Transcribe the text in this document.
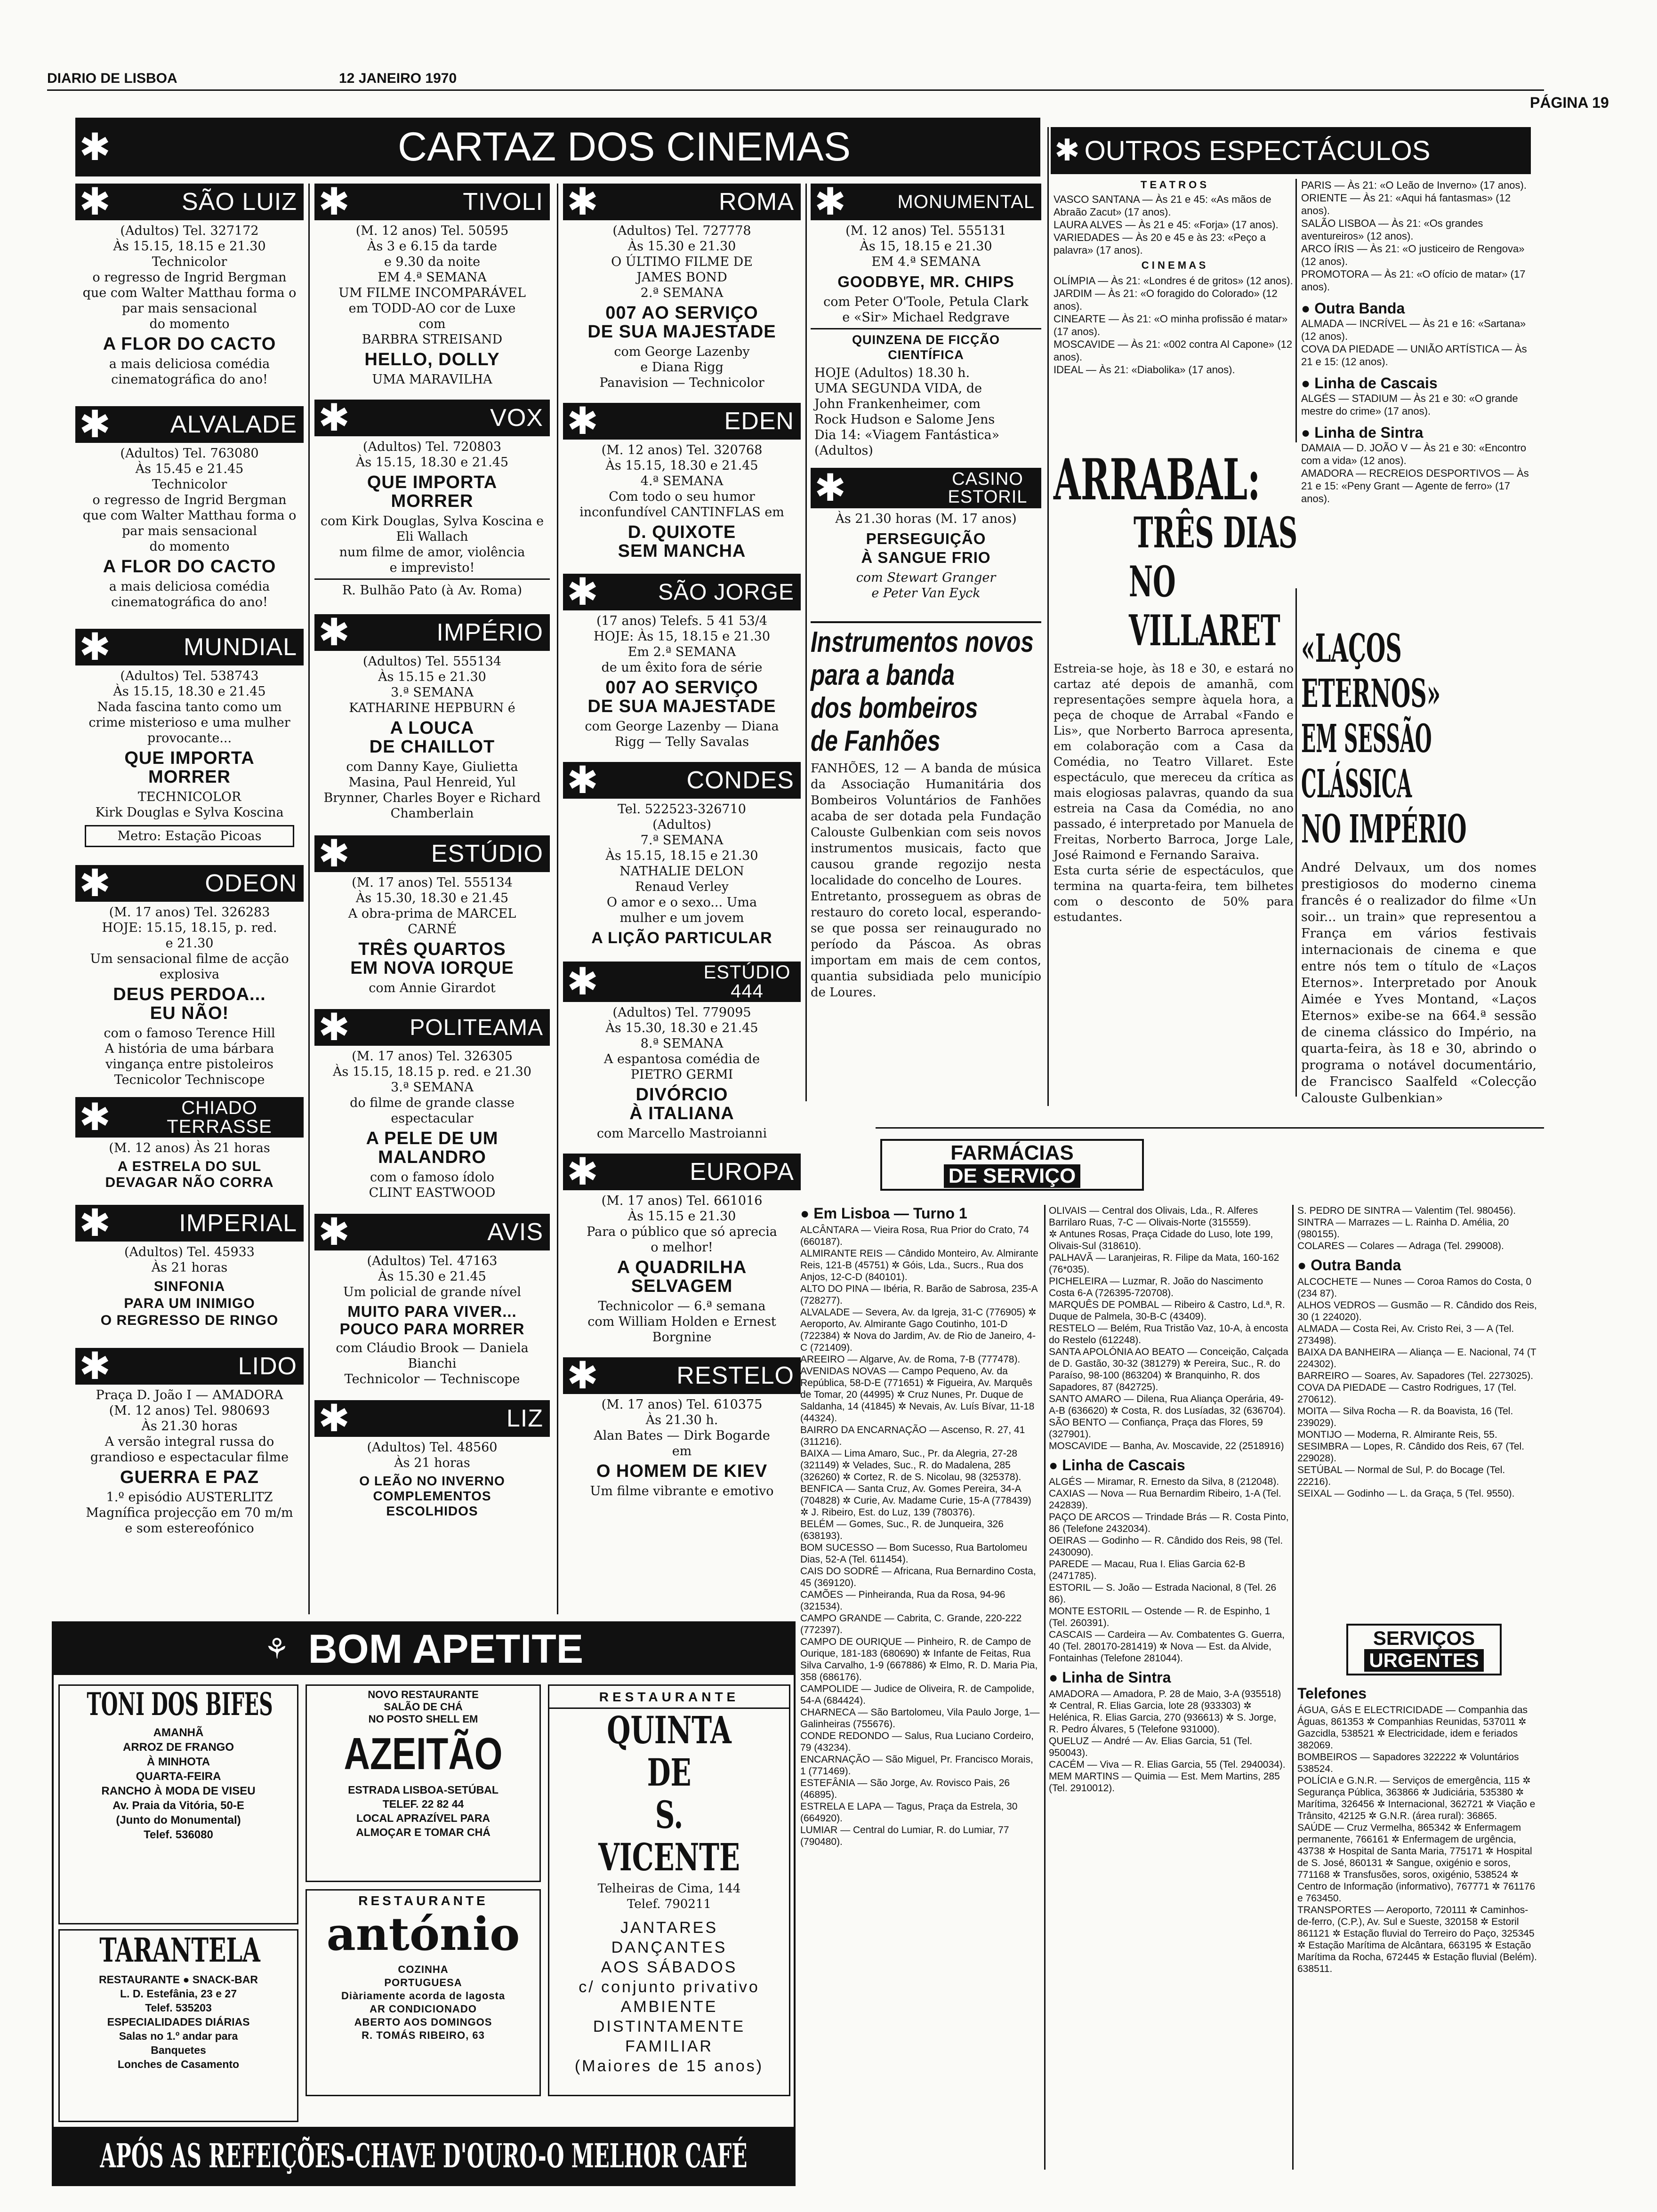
DIARIO DE LISBOA	12 JANEIRO 1970
PÁGINA 19
✱	CARTAZ DOS CINEMAS	✱ OUTROS ESPECTÁCULOS
✱	SÃO LUIZ
(Adultos) Tel. 327172
Às 15.15, 18.15 e 21.30
Technicolor
o regresso de Ingrid Bergman
que com Walter Matthau forma o par mais sensacional
do momento
A FLOR DO CACTO
a mais deliciosa comédia
cinematográfica do ano!
✱ ALVALADE
(Adultos) Tel. 763080
Às 15.45 e 21.45
Technicolor
o regresso de Ingrid Bergman
que com Walter Matthau forma o par mais sensacional
do momento
A FLOR DO CACTO
a mais deliciosa comédia
cinematográfica do ano!
✱	MUNDIAL
(Adultos) Tel. 538743
Às 15.15, 18.30 e 21.45
Nada fascina tanto como um
crime misterioso e uma mulher
provocante...
QUE IMPORTA
MORRER
TECHNICOLOR
Kirk Douglas e Sylva Koscina
Metro: Estação Picoas
✱	ODEON
(M. 17 anos) Tel. 326283
HOJE: 15.15, 18.15, p. red.
e 21.30
Um sensacional filme de acção
explosiva
DEUS PERDOA...
EU NÃO!
com o famoso Terence Hill
A história de uma bárbara
vingança entre pistoleiros
Tecnicolor Techniscope
✱	CHIADO TERRASSE
(M. 12 anos) Às 21 horas
A ESTRELA DO SUL
DEVAGAR NÃO CORRA
✱	IMPERIAL
(Adultos) Tel. 45933
Às 21 horas
SINFONIA
PARA UM INIMIGO
O REGRESSO DE RINGO
✱	LIDO
Praça D. João I — AMADORA
(M. 12 anos) Tel. 980693
Às 21.30 horas
A versão integral russa do grandioso e espectacular filme
GUERRA E PAZ
1.º episódio AUSTERLITZ
Magnífica projecção em 70 m/m
e som estereofónico
✱	TIVOLI
(M. 12 anos) Tel. 50595
Às 3 e 6.15 da tarde
e 9.30 da noite
EM 4.ª SEMANA
UM FILME INCOMPARÁVEL
em TODD-AO cor de Luxe
com
BARBRA STREISAND
HELLO, DOLLY
UMA MARAVILHA
✱	VOX
(Adultos) Tel. 720803
Às 15.15, 18.30 e 21.45
QUE IMPORTA
MORRER
com Kirk Douglas, Sylva Koscina e Eli Wallach
num filme de amor, violência
e imprevisto!
R. Bulhão Pato (à Av. Roma)
✱	IMPÉRIO
(Adultos) Tel. 555134
Às 15.15 e 21.30
3.ª SEMANA
KATHARINE HEPBURN é
A LOUCA
DE CHAILLOT
com Danny Kaye, Giulietta
Masina, Paul Henreid, Yul
Brynner, Charles Boyer e Richard Chamberlain
✱	ESTÚDIO
(M. 17 anos) Tel. 555134
Às 15.30, 18.30 e 21.45
A obra-prima de MARCEL
CARNÉ
TRÊS QUARTOS
EM NOVA IORQUE
com Annie Girardot
✱	POLITEAMA
(M. 17 anos) Tel. 326305
Às 15.15, 18.15 p. red. e 21.30
3.ª SEMANA
do filme de grande classe
espectacular
A PELE DE UM
MALANDRO
com o famoso ídolo
CLINT EASTWOOD
✱	AVIS
(Adultos) Tel. 47163
Às 15.30 e 21.45
Um policial de grande nível
MUITO PARA VIVER...
POUCO PARA MORRER
com Cláudio Brook — Daniela Bianchi
Technicolor — Techniscope
✱	LIZ
(Adultos) Tel. 48560
Às 21 horas
O LEÃO NO INVERNO
COMPLEMENTOS
ESCOLHIDOS
✱	ROMA
(Adultos) Tel. 727778
Às 15.30 e 21.30
O ÚLTIMO FILME DE
JAMES BOND
2.ª SEMANA
007 AO SERVIÇO
DE SUA MAJESTADE
com George Lazenby
e Diana Rigg
Panavision — Technicolor
✱	EDEN
(M. 12 anos) Tel. 320768
Às 15.15, 18.30 e 21.45
4.ª SEMANA
Com todo o seu humor inconfundível CANTINFLAS em
D. QUIXOTE
SEM MANCHA
✱	SÃO JORGE
(17 anos) Telefs. 5 41 53/4
HOJE: Às 15, 18.15 e 21.30
Em 2.ª SEMANA
de um êxito fora de série
007 AO SERVIÇO
DE SUA MAJESTADE
com George Lazenby — Diana
Rigg — Telly Savalas
✱	CONDES
Tel. 522523-326710
(Adultos)
7.ª SEMANA
Às 15.15, 18.15 e 21.30
NATHALIE DELON
Renaud Verley
O amor e o sexo... Uma
mulher e um jovem
A LIÇÃO PARTICULAR
✱	ESTÚDIO 444
(Adultos) Tel. 779095
Às 15.30, 18.30 e 21.45
8.ª SEMANA
A espantosa comédia de
PIETRO GERMI
DIVÓRCIO
À ITALIANA
com Marcello Mastroianni
✱	EUROPA
(M. 17 anos) Tel. 661016
Às 15.15 e 21.30
Para o público que só aprecia
o melhor!
A QUADRILHA
SELVAGEM
Technicolor — 6.ª semana
com William Holden e Ernest
Borgnine
✱	RESTELO
(M. 17 anos) Tel. 610375
Às 21.30 h.
Alan Bates — Dirk Bogarde
em
O HOMEM DE KIEV
Um filme vibrante e emotivo
✱	MONUMENTAL
(M. 12 anos) Tel. 555131
Às 15, 18.15 e 21.30
EM 4.ª SEMANA
GOODBYE, MR. CHIPS
com Peter O'Toole, Petula Clark
e «Sir» Michael Redgrave
QUINZENA DE FICÇÃO
CIENTÍFICA
HOJE (Adultos) 18.30 h.
UMA SEGUNDA VIDA, de
John Frankenheimer, com
Rock Hudson e Salome Jens
Dia 14: «Viagem Fantástica»
(Adultos)
✱	CASINO ESTORIL
Às 21.30 horas (M. 17 anos)
PERSEGUIÇÃO
À SANGUE FRIO
com Stewart Granger
e Peter Van Eyck
Instrumentos novos
para a banda
dos bombeiros
de Fanhões
FANHÕES, 12 — A banda de música da Associação Humanitária dos Bombeiros Voluntários de Fanhões acaba de ser dotada pela Fundação Calouste Gulbenkian com seis novos instrumentos musicais, facto que causou grande regozijo nesta localidade do concelho de Loures.
Entretanto, prosseguem as obras de restauro do coreto local, esperando-se que possa ser reinaugurado no período da Páscoa. As obras importam em mais de cem contos, quantia subsidiada pelo município de Loures.
T E A T R O S
VASCO SANTANA — Às 21 e 45: «As mãos de Abraão Zacut» (17 anos).
LAURA ALVES — Às 21 e 45: «Forja» (17 anos).
VARIEDADES — Às 20 e 45 e às 23: «Peço a palavra» (17 anos).
C I N E M A S
OLÍMPIA — Às 21: «Londres é de gritos» (12 anos).
JARDIM — Às 21: «O foragido do Colorado» (12 anos).
CINEARTE — Às 21: «O minha profissão é matar» (17 anos).
MOSCAVIDE — Às 21: «002 contra Al Capone» (12 anos).
IDEAL — Às 21: «Diabolika» (17 anos).
PARIS — Às 21: «O Leão de Inverno» (17 anos).
ORIENTE — Às 21: «Aqui há fantasmas» (12 anos).
SALÃO LISBOA — Às 21: «Os grandes aventureiros» (12 anos).
ARCO ÍRIS — Às 21: «O justiceiro de Rengova» (12 anos).
PROMOTORA — Às 21: «O ofício de matar» (17 anos).
● Outra Banda
ALMADA — INCRÍVEL — Às 21 e 16: «Sartana» (12 anos).
COVA DA PIEDADE — UNIÃO ARTÍSTICA — Às 21 e 15: (12 anos).
● Linha de Cascais
ALGÉS — STADIUM — Às 21 e 30: «O grande mestre do crime» (17 anos).
● Linha de Sintra
DAMAIA — D. JOÃO V — Às 21 e 30: «Encontro com a vida» (12 anos).
AMADORA — RECREIOS DESPORTIVOS — Às 21 e 15: «Peny Grant — Agente de ferro» (17 anos).
ARRABAL:
TRÊS DIAS
NO VILLARET
Estreia-se hoje, às 18 e 30, e estará no cartaz até depois de amanhã, com representações sempre àquela hora, a peça de choque de Arrabal «Fando e Lis», que Norberto Barroca apresenta, em colaboração com a Casa da Comédia, no Teatro Villaret. Este espectáculo, que mereceu da crítica as mais elogiosas palavras, quando da sua estreia na Casa da Comédia, no ano passado, é interpretado por Manuela de Freitas, Norberto Barroca, Jorge Lale, José Raimond e Fernando Saraiva.
Esta curta série de espectáculos, que termina na quarta-feira, tem bilhetes com o desconto de 50% para estudantes.
«LAÇOS ETERNOS»
EM SESSÃO CLÁSSICA
NO IMPÉRIO
André Delvaux, um dos nomes prestigiosos do moderno cinema francês é o realizador do filme «Un soir... un train» que representou a França em vários festivais internacionais de cinema e que entre nós tem o título de «Laços Eternos». Interpretado por Anouk Aimée e Yves Montand, «Laços Eternos» exibe-se na 664.ª sessão de cinema clássico do Império, na quarta-feira, às 18 e 30, abrindo o programa o notável documentário, de Francisco Saalfeld «Colecção Calouste Gulbenkian»
FARMÁCIAS
DE SERVIÇO
● Em Lisboa — Turno 1
ALCÂNTARA — Vieira Rosa, Rua Prior do Crato, 74 (660187).
ALMIRANTE REIS — Cândido Monteiro, Av. Almirante Reis, 121-B (45751) ✲ Góis, Lda., Sucrs., Rua dos Anjos, 12-C-D (840101).
ALTO DO PINA — Ibéria, R. Barão de Sabrosa, 235-A (728277).
ALVALADE — Severa, Av. da Igreja, 31-C (776905) ✲ Aeroporto, Av. Almirante Gago Coutinho, 101-D (722384) ✲ Nova do Jardim, Av. de Rio de Janeiro, 4-C (721409).
AREEIRO — Algarve, Av. de Roma, 7-B (777478).
AVENIDAS NOVAS — Campo Pequeno, Av. da República, 58-D-E (771651) ✲ Figueira, Av. Marquês de Tomar, 20 (44995) ✲ Cruz Nunes, Pr. Duque de Saldanha, 14 (41845) ✲ Nevais, Av. Luís Bívar, 11-18 (44324).
BAIRRO DA ENCARNAÇÃO — Ascenso, R. 27, 41 (311216).
BAIXA — Lima Amaro, Suc., Pr. da Alegria, 27-28 (321149) ✲ Velades, Suc., R. do Madalena, 285 (326260) ✲ Cortez, R. de S. Nicolau, 98 (325378).
BENFICA — Santa Cruz, Av. Gomes Pereira, 34-A (704828) ✲ Curie, Av. Madame Curie, 15-A (778439) ✲ J. Ribeiro, Est. do Luz, 139 (780376).
BELÉM — Gomes, Suc., R. de Junqueira, 326 (638193).
BOM SUCESSO — Bom Sucesso, Rua Bartolomeu Dias, 52-A (Tel. 611454).
CAIS DO SODRÉ — Africana, Rua Bernardino Costa, 45 (369120).
CAMÕES — Pinheiranda, Rua da Rosa, 94-96 (321534).
CAMPO GRANDE — Cabrita, C. Grande, 220-222 (772397).
CAMPO DE OURIQUE — Pinheiro, R. de Campo de Ourique, 181-183 (680690) ✲ Infante de Feitas, Rua Silva Carvalho, 1-9 (667886) ✲ Elmo, R. D. Maria Pia, 358 (686176).
CAMPOLIDE — Judice de Oliveira, R. de Campolide, 54-A (684424).
CHARNECA — São Bartolomeu, Vila Paulo Jorge, 1—Galinheiras (755676).
CONDE REDONDO — Salus, Rua Luciano Cordeiro, 79 (43234).
ENCARNAÇÃO — São Miguel, Pr. Francisco Morais, 1 (771469).
ESTEFÂNIA — São Jorge, Av. Rovisco Pais, 26 (46895).
ESTRELA E LAPA — Tagus, Praça da Estrela, 30 (664920).
LUMIAR — Central do Lumiar, R. do Lumiar, 77 (790480).
OLIVAIS — Central dos Olivais, Lda., R. Alferes Barrilaro Ruas, 7-C — Olivais-Norte (315559).
✲ Antunes Rosas, Praça Cidade do Luso, lote 199, Olivais-Sul (318610).
PALHAVÃ — Laranjeiras, R. Filipe da Mata, 160-162 (76*035).
PICHELEIRA — Luzmar, R. João do Nascimento Costa 6-A (726395-720708).
MARQUÊS DE POMBAL — Ribeiro & Castro, Ld.ª, R. Duque de Palmela, 30-B-C (43409).
RESTELO — Belém, Rua Tristão Vaz, 10-A, à encosta do Restelo (612248).
SANTA APOLÓNIA AO BEATO — Conceição, Calçada de D. Gastão, 30-32 (381279) ✲ Pereira, Suc., R. do Paraíso, 98-100 (863204) ✲ Branquinho, R. dos Sapadores, 87 (842725).
SANTO AMARO — Dilena, Rua Aliança Operária, 49-A-B (636620) ✲ Costa, R. dos Lusíadas, 32 (636704).
SÃO BENTO — Confiança, Praça das Flores, 59 (327901).
MOSCAVIDE — Banha, Av. Moscavide, 22 (2518916)
● Linha de Cascais
ALGÉS — Miramar, R. Ernesto da Silva, 8 (212048).
CAXIAS — Nova — Rua Bernardim Ribeiro, 1-A (Tel. 242839).
PAÇO DE ARCOS — Trindade Brás — R. Costa Pinto, 86 (Telefone 2432034).
OEIRAS — Godinho — R. Cândido dos Reis, 98 (Tel. 2430090).
PAREDE — Macau, Rua I. Elias Garcia 62-B (2471785).
ESTORIL — S. João — Estrada Nacional, 8 (Tel. 26 86).
MONTE ESTORIL — Ostende — R. de Espinho, 1 (Tel. 260391).
CASCAIS — Cardeira — Av. Combatentes G. Guerra, 40 (Tel. 280170-281419) ✲ Nova — Est. da Alvide, Fontainhas (Telefone 281044).
● Linha de Sintra
AMADORA — Amadora, P. 28 de Maio, 3-A (935518) ✲ Central, R. Elias Garcia, lote 28 (933303) ✲ Helénica, R. Elias Garcia, 270 (936613) ✲ S. Jorge, R. Pedro Álvares, 5 (Telefone 931000).
QUELUZ — André — Av. Elias Garcia, 51 (Tel. 950043).
CACÉM — Viva — R. Elias Garcia, 55 (Tel. 2940034).
MEM MARTINS — Quimia — Est. Mem Martins, 285 (Tel. 2910012).
S. PEDRO DE SINTRA — Valentim (Tel. 980456).
SINTRA — Marrazes — L. Rainha D. Amélia, 20 (980155).
COLARES — Colares — Adraga (Tel. 299008).
● Outra Banda
ALCOCHETE — Nunes — Coroa Ramos do Costa, 0 (234 87).
ALHOS VEDROS — Gusmão — R. Cândido dos Reis, 30 (1 224020).
ALMADA — Costa Rei, Av. Cristo Rei, 3 — A (Tel. 273498).
BAIXA DA BANHEIRA — Aliança — E. Nacional, 74 (T 224302).
BARREIRO — Soares, Av. Sapadores (Tel. 2273025).
COVA DA PIEDADE — Castro Rodrigues, 17 (Tel. 270612).
MOITA — Silva Rocha — R. da Boavista, 16 (Tel. 239029).
MONTIJO — Moderna, R. Almirante Reis, 55.
SESIMBRA — Lopes, R. Cândido dos Reis, 67 (Tel. 229028).
SETÚBAL — Normal de Sul, P. do Bocage (Tel. 22216).
SEIXAL — Godinho — L. da Graça, 5 (Tel. 9550).
SERVIÇOS
URGENTES
Telefones
ÁGUA, GÁS E ELECTRICIDADE — Companhia das Águas, 861353 ✲ Companhias Reunidas, 537011 ✲ Gazcidla, 538521 ✲ Electricidade, idem e feriados 382069.
BOMBEIROS — Sapadores 322222 ✲ Voluntários 538524.
POLÍCIA e G.N.R. — Serviços de emergência, 115 ✲ Segurança Pública, 363866 ✲ Judiciária, 535380 ✲ Marítima, 326456 ✲ Internacional, 362721 ✲ Viação e Trânsito, 42125 ✲ G.N.R. (área rural): 36865.
SAÚDE — Cruz Vermelha, 865342 ✲ Enfermagem permanente, 766161 ✲ Enfermagem de urgência, 43738 ✲ Hospital de Santa Maria, 775171 ✲ Hospital de S. José, 860131 ✲ Sangue, oxigénio e soros, 771168 ✲ Transfusões, soros, oxigénio, 538524 ✲ Centro de Informação (informativo), 767771 ✲ 761176 e 763450.
TRANSPORTES — Aeroporto, 720111 ✲ Caminhos-de-ferro, (C.P.), Av. Sul e Sueste, 320158 ✲ Estoril 861121 ✲ Estação fluvial do Terreiro do Paço, 325345 ✲ Estação Marítima de Alcântara, 663195 ✲ Estação Marítima da Rocha, 672445 ✲ Estação fluvial (Belém). 638511.
⚘ BOM APETITE
TONI DOS BIFES
AMANHÃ
ARROZ DE FRANGO
À MINHOTA
QUARTA-FEIRA
RANCHO À MODA DE VISEU
Av. Praia da Vitória, 50-E
(Junto do Monumental)
Telef. 536080
TARANTELA
RESTAURANTE ● SNACK-BAR
L. D. Estefânia, 23 e 27
Telef. 535203
ESPECIALIDADES DIÁRIAS
Salas no 1.º andar para
Banquetes
Lonches de Casamento
NOVO RESTAURANTE
SALÃO DE CHÁ
NO POSTO SHELL EM
AZEITÃO
ESTRADA LISBOA-SETÚBAL
TELEF. 22 82 44
LOCAL APRAZÍVEL PARA
ALMOÇAR E TOMAR CHÁ
RESTAURANTE
antónio
COZINHA
PORTUGUESA
Diàriamente acorda de lagosta
AR CONDICIONADO
ABERTO AOS DOMINGOS
R. TOMÁS RIBEIRO, 63
RESTAURANTE
QUINTA DE
S. VICENTE
Telheiras de Cima, 144
Telef. 790211
JANTARES
DANÇANTES
AOS SÁBADOS
c/ conjunto privativo
AMBIENTE
DISTINTAMENTE
FAMILIAR
(Maiores de 15 anos)
APÓS AS REFEIÇÕES-CHAVE D'OURO-O MELHOR CAFÉ
